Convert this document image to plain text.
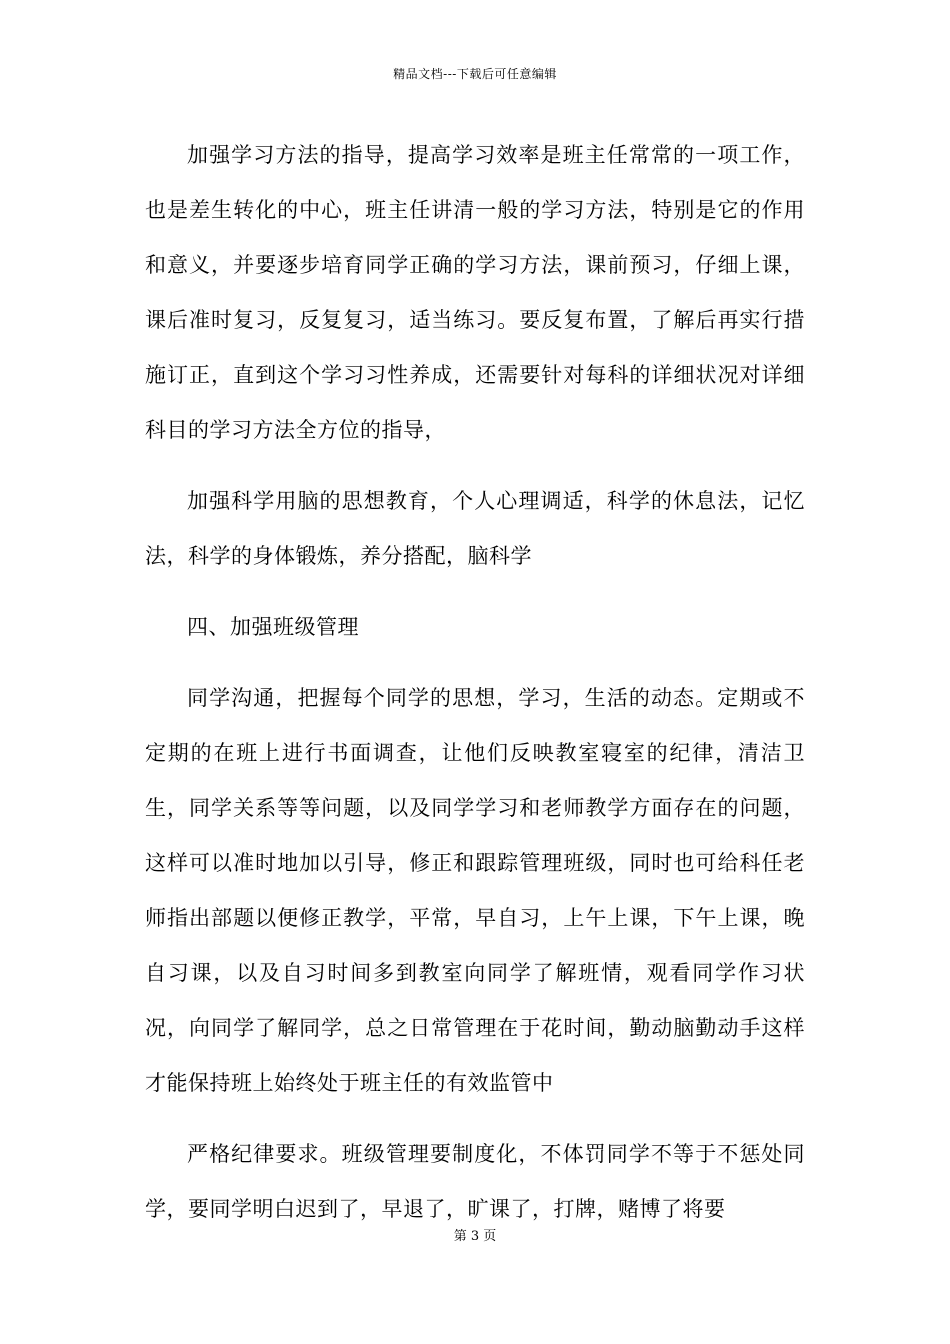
精品文档---下载后可任意编辑

加强学习方法的指导，提高学习效率是班主任常常的一项工作，也是差生转化的中心，班主任讲清一般的学习方法，特别是它的作用和意义，并要逐步培育同学正确的学习方法，课前预习，仔细上课，课后准时复习，反复复习，适当练习。要反复布置，了解后再实行措施订正，直到这个学习习性养成，还需要针对每科的详细状况对详细科目的学习方法全方位的指导，

加强科学用脑的思想教育，个人心理调适，科学的休息法，记忆法，科学的身体锻炼，养分搭配，脑科学

四、加强班级管理

同学沟通，把握每个同学的思想，学习，生活的动态。定期或不定期的在班上进行书面调查，让他们反映教室寝室的纪律，清洁卫生，同学关系等等问题，以及同学学习和老师教学方面存在的问题，这样可以准时地加以引导，修正和跟踪管理班级，同时也可给科任老师指出部题以便修正教学，平常，早自习，上午上课，下午上课，晚自习课，以及自习时间多到教室向同学了解班情，观看同学作习状况，向同学了解同学，总之日常管理在于花时间，勤动脑勤动手这样才能保持班上始终处于班主任的有效监管中

严格纪律要求。班级管理要制度化，不体罚同学不等于不惩处同学，要同学明白迟到了，早退了，旷课了，打牌，赌博了将要

第 3 页
